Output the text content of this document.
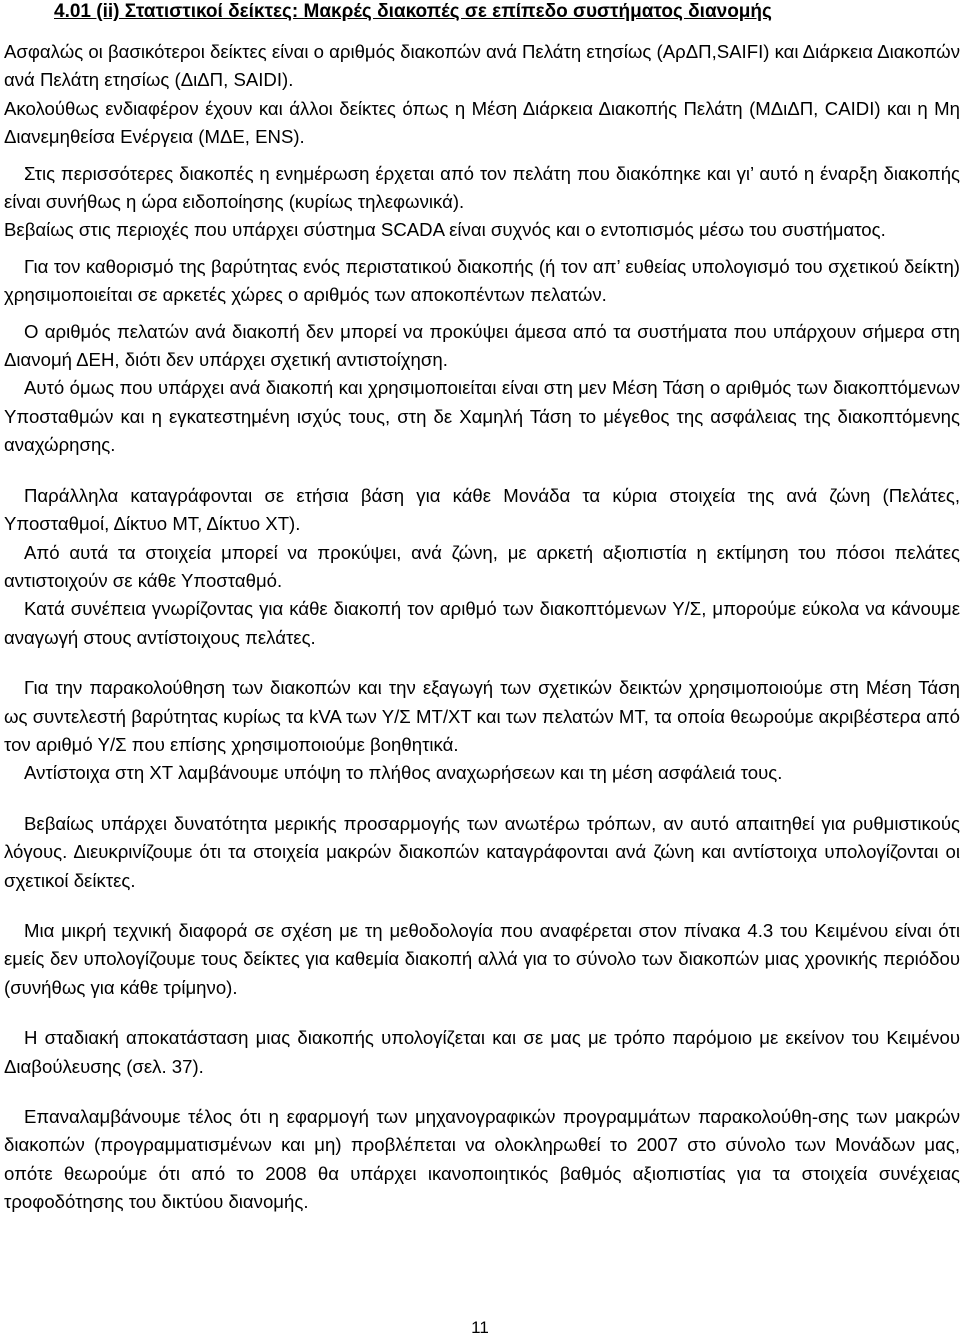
4.01 (ii) Στατιστικοί δείκτες: Μακρές διακοπές σε επίπεδο συστήματος διανομής

Ασφαλώς οι βασικότεροι δείκτες είναι ο αριθμός διακοπών ανά Πελάτη ετησίως (ΑρΔΠ,SAIFI) και Διάρκεια Διακοπών ανά Πελάτη ετησίως (ΔιΔΠ, SAIDI).

Ακολούθως ενδιαφέρον έχουν και άλλοι δείκτες όπως η Μέση Διάρκεια Διακοπής Πελάτη (ΜΔιΔΠ, CAIDI) και η Μη Διανεμηθείσα Ενέργεια (ΜΔΕ, ENS).

Στις περισσότερες διακοπές η ενημέρωση έρχεται από τον πελάτη που διακόπηκε και γι’ αυτό η έναρξη διακοπής είναι συνήθως η ώρα ειδοποίησης (κυρίως τηλεφωνικά).

Βεβαίως στις περιοχές που υπάρχει σύστημα SCADA είναι συχνός και ο εντοπισμός μέσω του συστήματος.

Για τον καθορισμό της βαρύτητας ενός περιστατικού διακοπής (ή τον απ’ ευθείας υπολογισμό του σχετικού δείκτη) χρησιμοποιείται σε αρκετές χώρες ο αριθμός των αποκοπέντων πελατών.

Ο αριθμός πελατών ανά διακοπή δεν μπορεί να προκύψει άμεσα από τα συστήματα που υπάρχουν σήμερα στη Διανομή ΔΕΗ, διότι δεν υπάρχει σχετική αντιστοίχηση.

Αυτό όμως που υπάρχει ανά διακοπή και χρησιμοποιείται είναι στη μεν Μέση Τάση ο αριθμός των διακοπτόμενων Υποσταθμών και η εγκατεστημένη ισχύς τους, στη δε Χαμηλή Τάση το μέγεθος της ασφάλειας της διακοπτόμενης αναχώρησης.

Παράλληλα καταγράφονται σε ετήσια βάση για κάθε Μονάδα τα κύρια στοιχεία της ανά ζώνη (Πελάτες, Υποσταθμοί, Δίκτυο ΜΤ, Δίκτυο ΧΤ).

Από αυτά τα στοιχεία μπορεί να προκύψει, ανά ζώνη, με αρκετή αξιοπιστία η εκτίμηση του πόσοι πελάτες αντιστοιχούν σε κάθε Υποσταθμό.

Κατά συνέπεια γνωρίζοντας για κάθε διακοπή τον αριθμό των διακοπτόμενων Υ/Σ, μπορούμε εύκολα να κάνουμε αναγωγή στους αντίστοιχους πελάτες.

Για την παρακολούθηση των διακοπών και την εξαγωγή των σχετικών δεικτών χρησιμοποιούμε στη Μέση Τάση ως συντελεστή βαρύτητας κυρίως τα kVA των Υ/Σ ΜΤ/ΧΤ και των πελατών ΜΤ, τα οποία θεωρούμε ακριβέστερα από τον αριθμό Υ/Σ που επίσης χρησιμοποιούμε βοηθητικά.

Αντίστοιχα στη ΧΤ λαμβάνουμε υπόψη το πλήθος αναχωρήσεων και τη μέση ασφάλειά τους.

Βεβαίως υπάρχει δυνατότητα μερικής προσαρμογής των ανωτέρω τρόπων, αν αυτό απαιτηθεί για ρυθμιστικούς λόγους. Διευκρινίζουμε ότι τα στοιχεία μακρών διακοπών καταγράφονται ανά ζώνη και αντίστοιχα υπολογίζονται οι σχετικοί δείκτες.

Μια μικρή τεχνική διαφορά σε σχέση με τη μεθοδολογία που αναφέρεται στον πίνακα 4.3 του Κειμένου είναι ότι εμείς δεν υπολογίζουμε τους δείκτες για καθεμία διακοπή αλλά για το σύνολο των διακοπών μιας χρονικής περιόδου (συνήθως για κάθε τρίμηνο).

Η σταδιακή αποκατάσταση μιας διακοπής υπολογίζεται και σε μας με τρόπο παρόμοιο με εκείνον του Κειμένου Διαβούλευσης (σελ. 37).

Επαναλαμβάνουμε τέλος ότι η εφαρμογή των μηχανογραφικών προγραμμάτων παρακολούθη-σης των μακρών διακοπών (προγραμματισμένων και μη) προβλέπεται να ολοκληρωθεί το 2007 στο σύνολο των Μονάδων μας, οπότε θεωρούμε ότι από το 2008 θα υπάρχει ικανοποιητικός βαθμός αξιοπιστίας για τα στοιχεία συνέχειας τροφοδότησης του δικτύου διανομής.

11
